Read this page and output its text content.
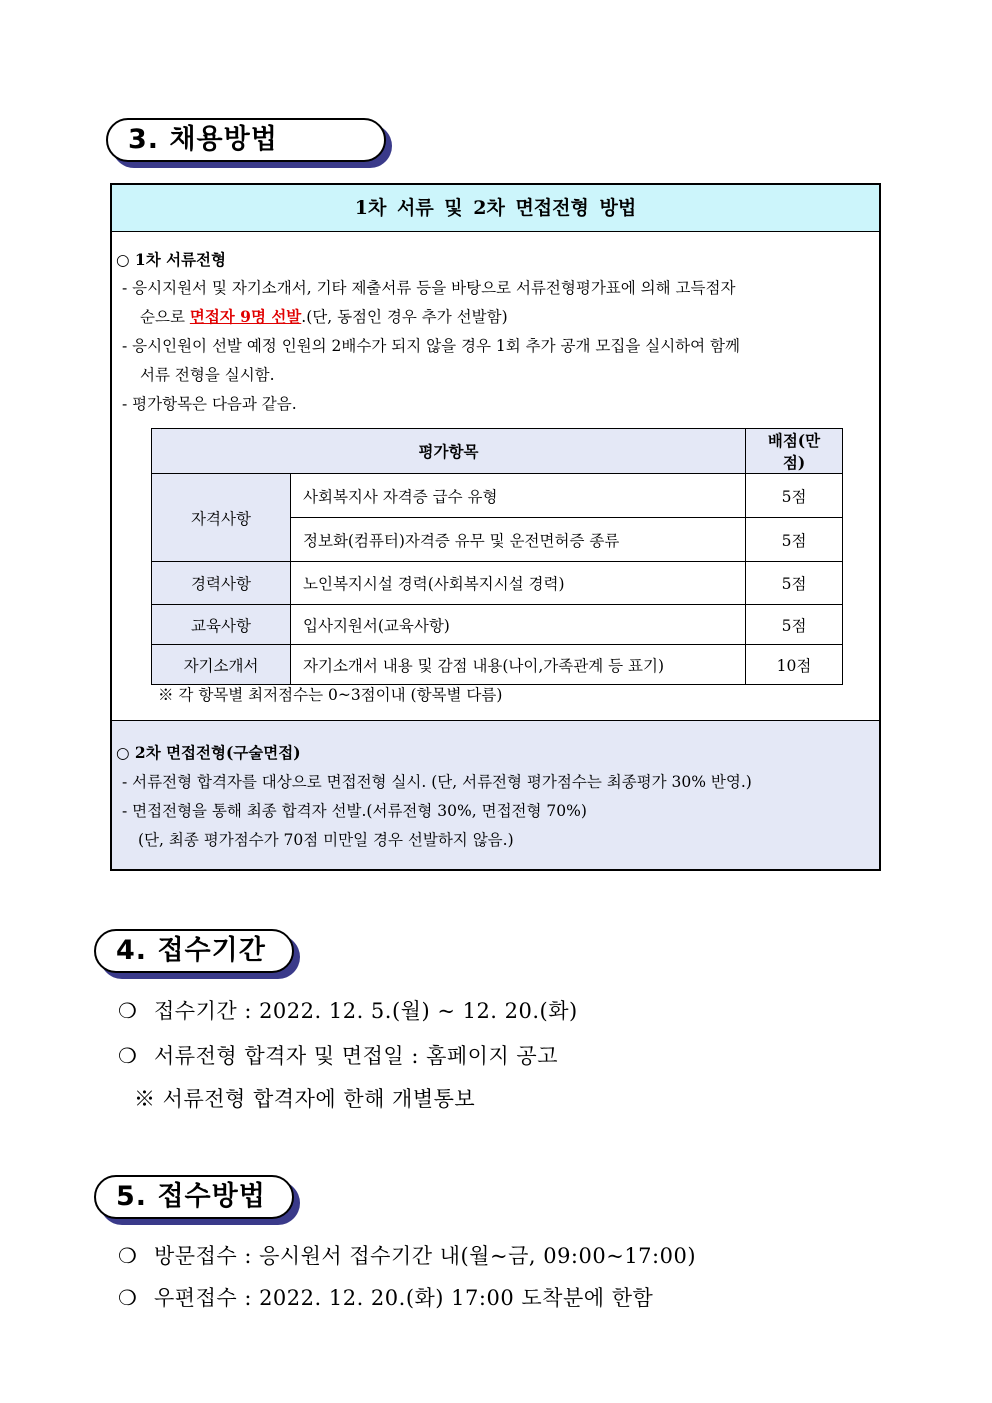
3. 채용방법
1차 서류 및 2차 면접전형 방법
○ 1차 서류전형
- 응시지원서 및 자기소개서, 기타 제출서류 등을 바탕으로 서류전형평가표에 의해 고득점자
순으로 면접자 9명 선발.(단, 동점인 경우 추가 선발함)
- 응시인원이 선발 예정 인원의 2배수가 되지 않을 경우 1회 추가 공개 모집을 실시하여 함께
서류 전형을 실시함.
- 평가항목은 다음과 같음.
평가항목		배점(만점)
자격사항	사회복지사 자격증 급수 유형	5점
	정보화(컴퓨터)자격증 유무 및 운전면허증 종류	5점
경력사항	노인복지시설 경력(사회복지시설 경력)	5점
교육사항	입사지원서(교육사항)	5점
자기소개서	자기소개서 내용 및 감점 내용(나이,가족관계 등 표기)	10점
※ 각 항목별 최저점수는 0~3점이내 (항목별 다름)
○ 2차 면접전형(구술면접)
- 서류전형 합격자를 대상으로 면접전형 실시. (단, 서류전형 평가점수는 최종평가 30% 반영.)
- 면접전형을 통해 최종 합격자 선발.(서류전형 30%, 면접전형 70%)
(단, 최종 평가점수가 70점 미만일 경우 선발하지 않음.)
4. 접수기간
❍ 접수기간 : 2022. 12. 5.(월) ~ 12. 20.(화)
❍ 서류전형 합격자 및 면접일 : 홈페이지 공고
※ 서류전형 합격자에 한해 개별통보
5. 접수방법
❍ 방문접수 : 응시원서 접수기간 내(월~금, 09:00~17:00)
❍ 우편접수 : 2022. 12. 20.(화) 17:00 도착분에 한함
